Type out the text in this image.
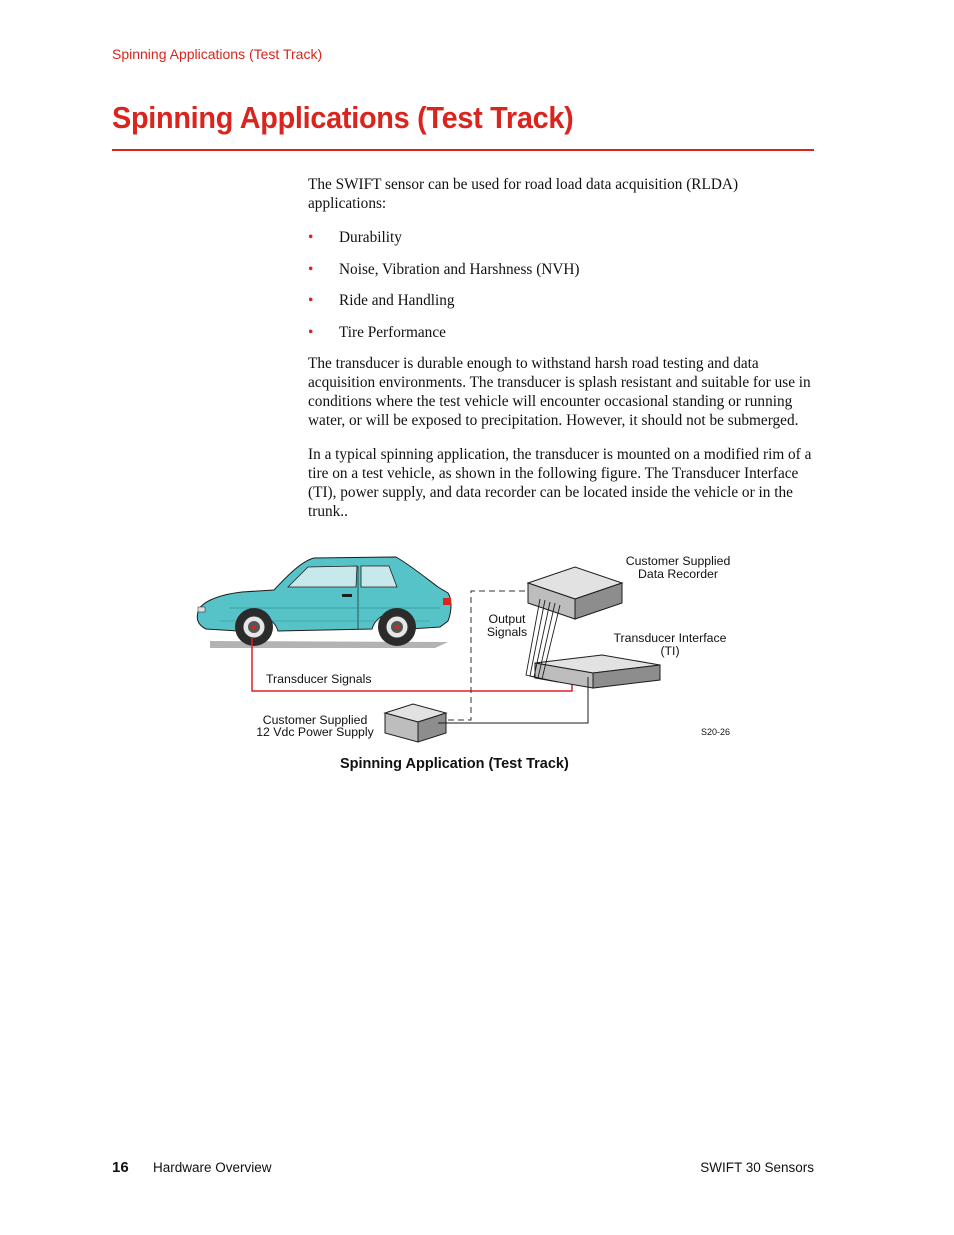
Spinning Applications (Test Track)
Spinning Applications (Test Track)

The SWIFT sensor can be used for road load data acquisition (RLDA) applications:

• Durability
• Noise, Vibration and Harshness (NVH)
• Ride and Handling
• Tire Performance

The transducer is durable enough to withstand harsh road testing and data acquisition environments. The transducer is splash resistant and suitable for use in conditions where the test vehicle will encounter occasional standing or running water, or will be exposed to precipitation. However, it should not be submerged.

In a typical spinning application, the transducer is mounted on a modified rim of a tire on a test vehicle, as shown in the following figure. The Transducer Interface (TI), power supply, and data recorder can be located inside the vehicle or in the trunk..

Customer Supplied
Data Recorder
Output
Signals	Transducer Interface
(TI)
Transducer Signals
Customer Supplied
12 Vdc Power Supply	S20-26
Spinning Application (Test Track)
16 Hardware Overview	SWIFT 30 Sensors
